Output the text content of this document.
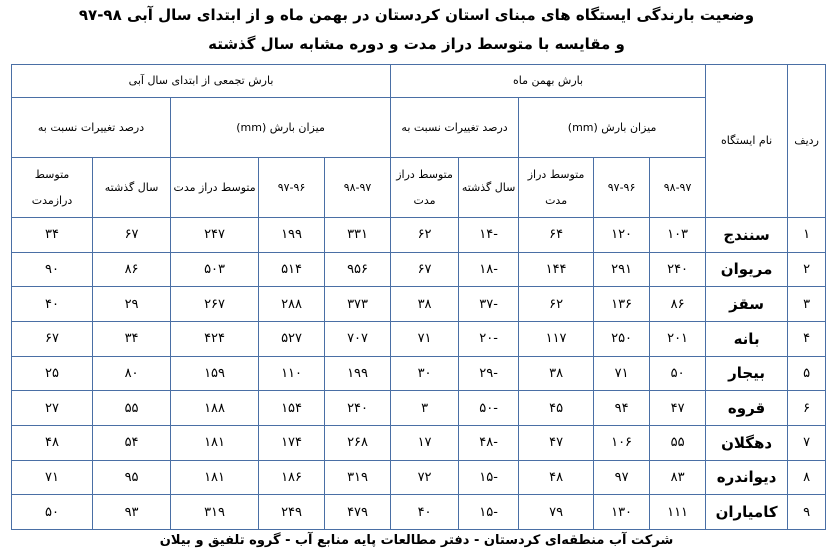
وضعیت بارندگی ایستگاه های مبنای استان کردستان در بهمن ماه و از ابتدای سال آبی ۹۸-۹۷
و مقایسه با متوسط دراز مدت و دوره مشابه سال گذشته
ردیف	نام ایستگاه	بارش بهمن ماه					بارش تجمعی از ابتدای سال آبی				
		میزان بارش (mm)			درصد تغییرات نسبت به		میزان بارش (mm)			درصد تغییرات نسبت به	
		۹۸-۹۷	۹۷-۹۶	متوسط دراز مدت	سال گذشته	متوسط دراز مدت	۹۸-۹۷	۹۷-۹۶	متوسط دراز مدت	سال گذشته	متوسط درازمدت
۱	سنندج	۱۰۳	۱۲۰	۶۴	-۱۴	۶۲	۳۳۱	۱۹۹	۲۴۷	۶۷	۳۴
۲	مریوان	۲۴۰	۲۹۱	۱۴۴	-۱۸	۶۷	۹۵۶	۵۱۴	۵۰۳	۸۶	۹۰
۳	سقز	۸۶	۱۳۶	۶۲	-۳۷	۳۸	۳۷۳	۲۸۸	۲۶۷	۲۹	۴۰
۴	بانه	۲۰۱	۲۵۰	۱۱۷	-۲۰	۷۱	۷۰۷	۵۲۷	۴۲۴	۳۴	۶۷
۵	بیجار	۵۰	۷۱	۳۸	-۲۹	۳۰	۱۹۹	۱۱۰	۱۵۹	۸۰	۲۵
۶	قروه	۴۷	۹۴	۴۵	-۵۰	۳	۲۴۰	۱۵۴	۱۸۸	۵۵	۲۷
۷	دهگلان	۵۵	۱۰۶	۴۷	-۴۸	۱۷	۲۶۸	۱۷۴	۱۸۱	۵۴	۴۸
۸	دیواندره	۸۳	۹۷	۴۸	-۱۵	۷۲	۳۱۹	۱۸۶	۱۸۱	۹۵	۷۱
۹	کامیاران	۱۱۱	۱۳۰	۷۹	-۱۵	۴۰	۴۷۹	۲۴۹	۳۱۹	۹۳	۵۰
شرکت آب منطقه‌ای کردستان - دفتر مطالعات پایه منابع آب - گروه تلفیق و بیلان
